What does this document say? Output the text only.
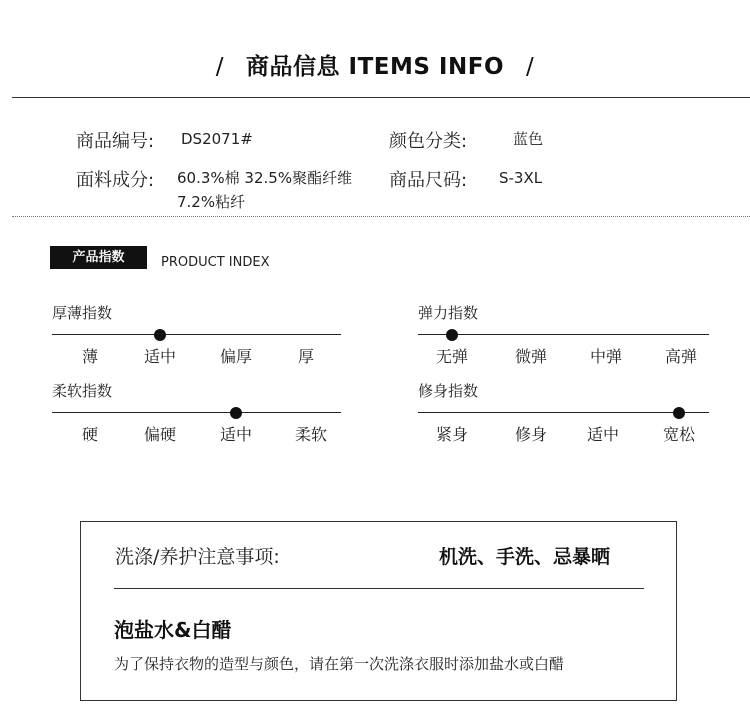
/ 商品信息 ITEMS INFO /
商品编号: DS2071#	颜色分类:	蓝色
面料成分: 60.3%棉 32.5%聚酯纤维
7.2%粘纤
商品尺码: S-3XL
产品指数	PRODUCT INDEX
厚薄指数
薄	适中	偏厚	厚
弹力指数
无弹	微弹	中弹	高弹
柔软指数
硬	偏硬	适中	柔软
修身指数
紧身	修身 适中	宽松
洗涤/养护注意事项:	机洗、手洗、忌暴晒
泡盐水&白醋
为了保持衣物的造型与颜色，请在第一次洗涤衣服时添加盐水或白醋
